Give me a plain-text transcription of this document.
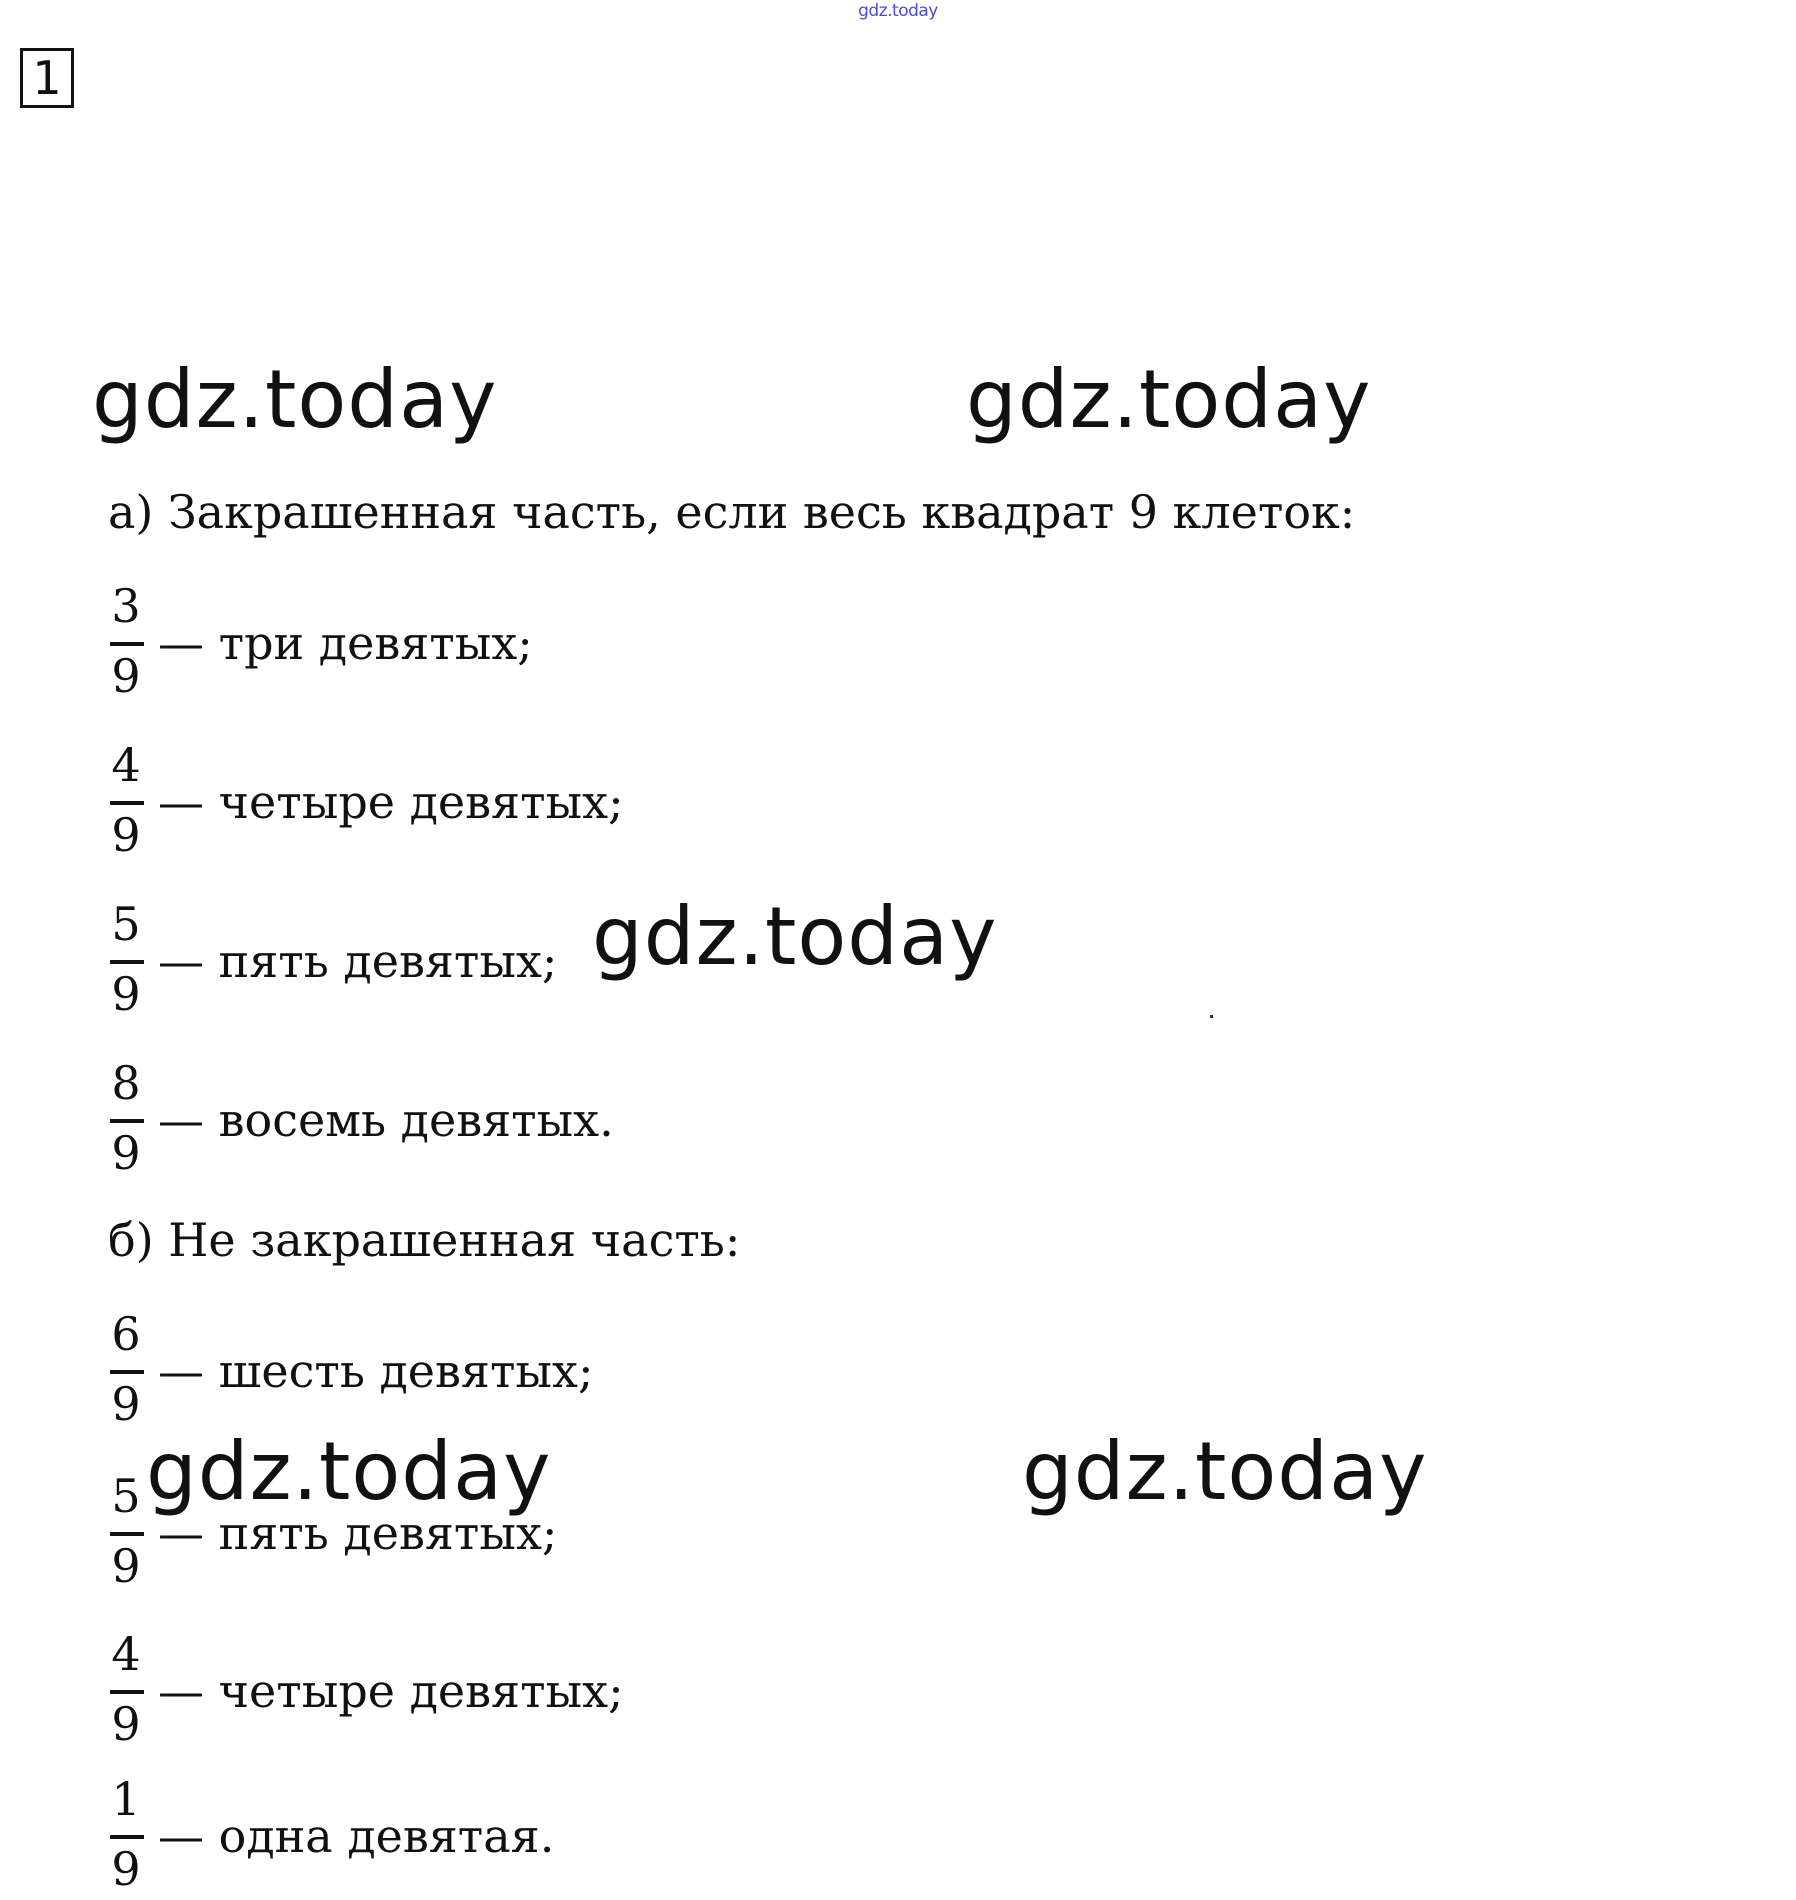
gdz.today
1
gdz.today	gdz.today
а) Закрашенная часть, если весь квадрат 9 клеток:
3
9
— три девятых;
4
9
— четыре девятых;
5
9
— пять девятых; gdz.today
8
9
— восемь девятых.
б) Не закрашенная часть:
6
9
— шесть девятых;
5
9
— пять девятых;
gdz.today	gdz.today
4
9
— четыре девятых;
1
9
— одна девятая.
